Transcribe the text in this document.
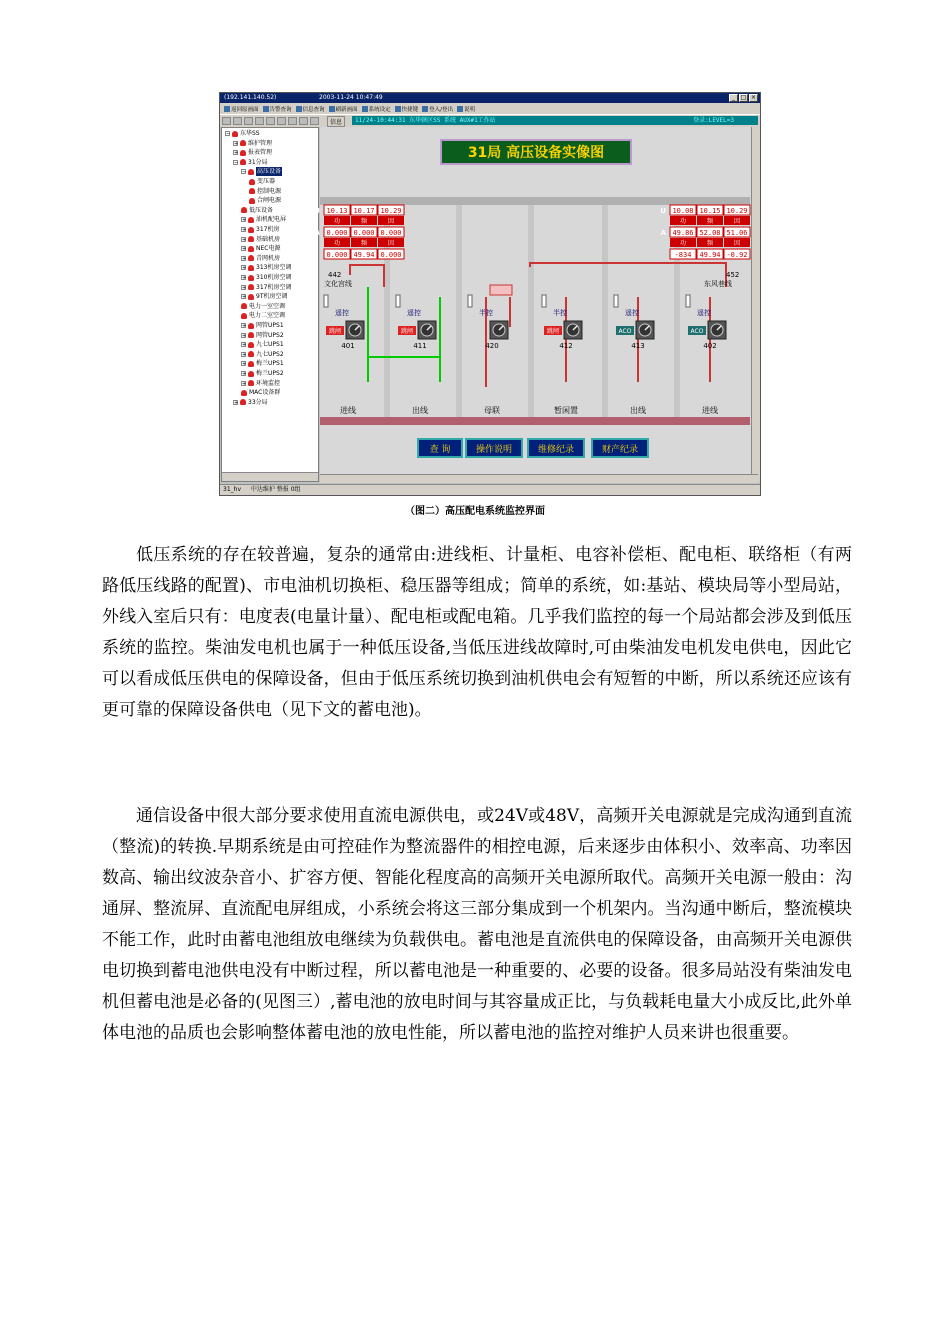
(192.141.140.52)	2003-11-24 10:47:49	_ □ ×
返回原画面 告警查询 信息查询 刷新画面 系统设定 快捷键 登入/登出 说明
信息	11/24-10:44:31 东华辖区SS 系统 AUX#1工作站	登录:LEVEL=3
+ 33分局
MAC设备群
+ 环境监控
+ 梅兰UPS2
+ 梅兰UPS1
+ 九七UPS2
+ 九七UPS1
+ 网管UPS2
+ 网管UPS1
电力二室空调
电力一室空调
+ 9T机房空调
+ 317机房空调
+ 310机房空调
+ 313机房空调
+ 青网机房
+ NEC电源
+ 基础机房
+ 317机房
+ 油机配电屏
低压设备
合闸电源
控制电源
变压器
− 高压设备
− 31分局
+ 报表管理
+ 维护管理
− 东华SS
31局 高压设备实像图
U 10.13 10.17 10.29
功	频	因
A 0.000 0.000 0.000
功	频	因
0.000 49.94 0.000
U 10.08 10.15 10.29
功	频	因
A 49.86 52.08 51.06
功	频	因
-834 49.94 -0.92
442
文化宫线
452
东风巷线
遥控
跳闸
401
进线
遥控
跳闸
411
出线
半控
420
母联
半控
跳闸
412
暂闲置
遥控
ACO
413
出线
遥控
ACO
402
进线
查 询	操作说明	维修纪录	财产纪录
31_hv 中达维护 整报 0组
（图二）高压配电系统监控界面

低压系统的存在较普遍，复杂的通常由:进线柜、计量柜、电容补偿柜、配电柜、联络柜（有两路低压线路的配置)、市电油机切换柜、稳压器等组成；简单的系统，如:基站、模块局等小型局站，外线入室后只有：电度表(电量计量）、配电柜或配电箱。几乎我们监控的每一个局站都会涉及到低压系统的监控。柴油发电机也属于一种低压设备,当低压进线故障时,可由柴油发电机发电供电，因此它可以看成低压供电的保障设备，但由于低压系统切换到油机供电会有短暂的中断，所以系统还应该有更可靠的保障设备供电（见下文的蓄电池)。

通信设备中很大部分要求使用直流电源供电，或24V或48V，高频开关电源就是完成沟通到直流（整流)的转换.早期系统是由可控硅作为整流器件的相控电源，后来逐步由体积小、效率高、功率因数高、输出纹波杂音小、扩容方便、智能化程度高的高频开关电源所取代。高频开关电源一般由：沟通屏、整流屏、直流配电屏组成，小系统会将这三部分集成到一个机架内。当沟通中断后，整流模块不能工作，此时由蓄电池组放电继续为负载供电。蓄电池是直流供电的保障设备，由高频开关电源供电切换到蓄电池供电没有中断过程，所以蓄电池是一种重要的、必要的设备。很多局站没有柴油发电机但蓄电池是必备的(见图三）,蓄电池的放电时间与其容量成正比，与负载耗电量大小成反比,此外单体电池的品质也会影响整体蓄电池的放电性能，所以蓄电池的监控对维护人员来讲也很重要。
